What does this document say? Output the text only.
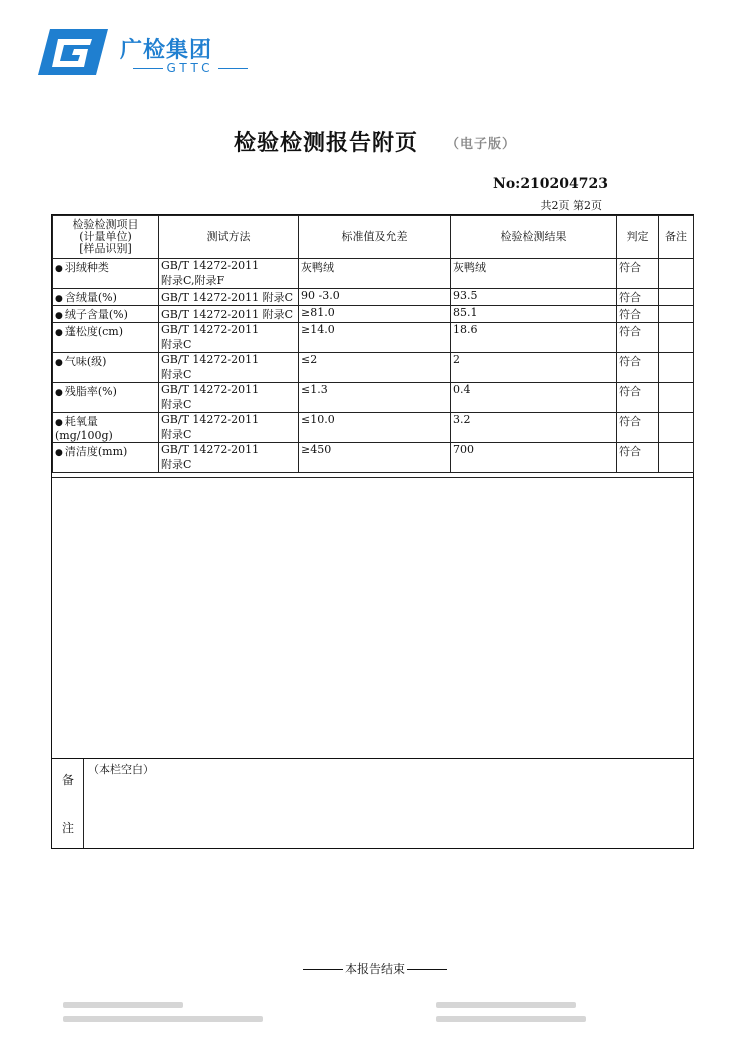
广检集团
GTTC
检验检测报告附页 （电子版）
No:210204723
共2页 第2页
检验检测项目
(计量单位)
[样品识别]	测试方法	标准值及允差	检验检测结果	判定	备注
● 羽绒种类	GB/T 14272-2011
附录C,附录F	灰鸭绒	灰鸭绒	符合	
● 含绒量(%)	GB/T 14272-2011 附录C	90 -3.0	93.5	符合	
● 绒子含量(%)	GB/T 14272-2011 附录C	≥81.0	85.1	符合	
● 蓬松度(cm)	GB/T 14272-2011
附录C	≥14.0	18.6	符合	
● 气味(级)	GB/T 14272-2011
附录C	≤2	2	符合	
● 残脂率(%)	GB/T 14272-2011
附录C	≤1.3	0.4	符合	
● 耗氧量
(mg/100g)	GB/T 14272-2011
附录C	≤10.0	3.2	符合	
● 清洁度(mm)	GB/T 14272-2011
附录C	≥450	700	符合	
备
注
（本栏空白）
本报告结束
